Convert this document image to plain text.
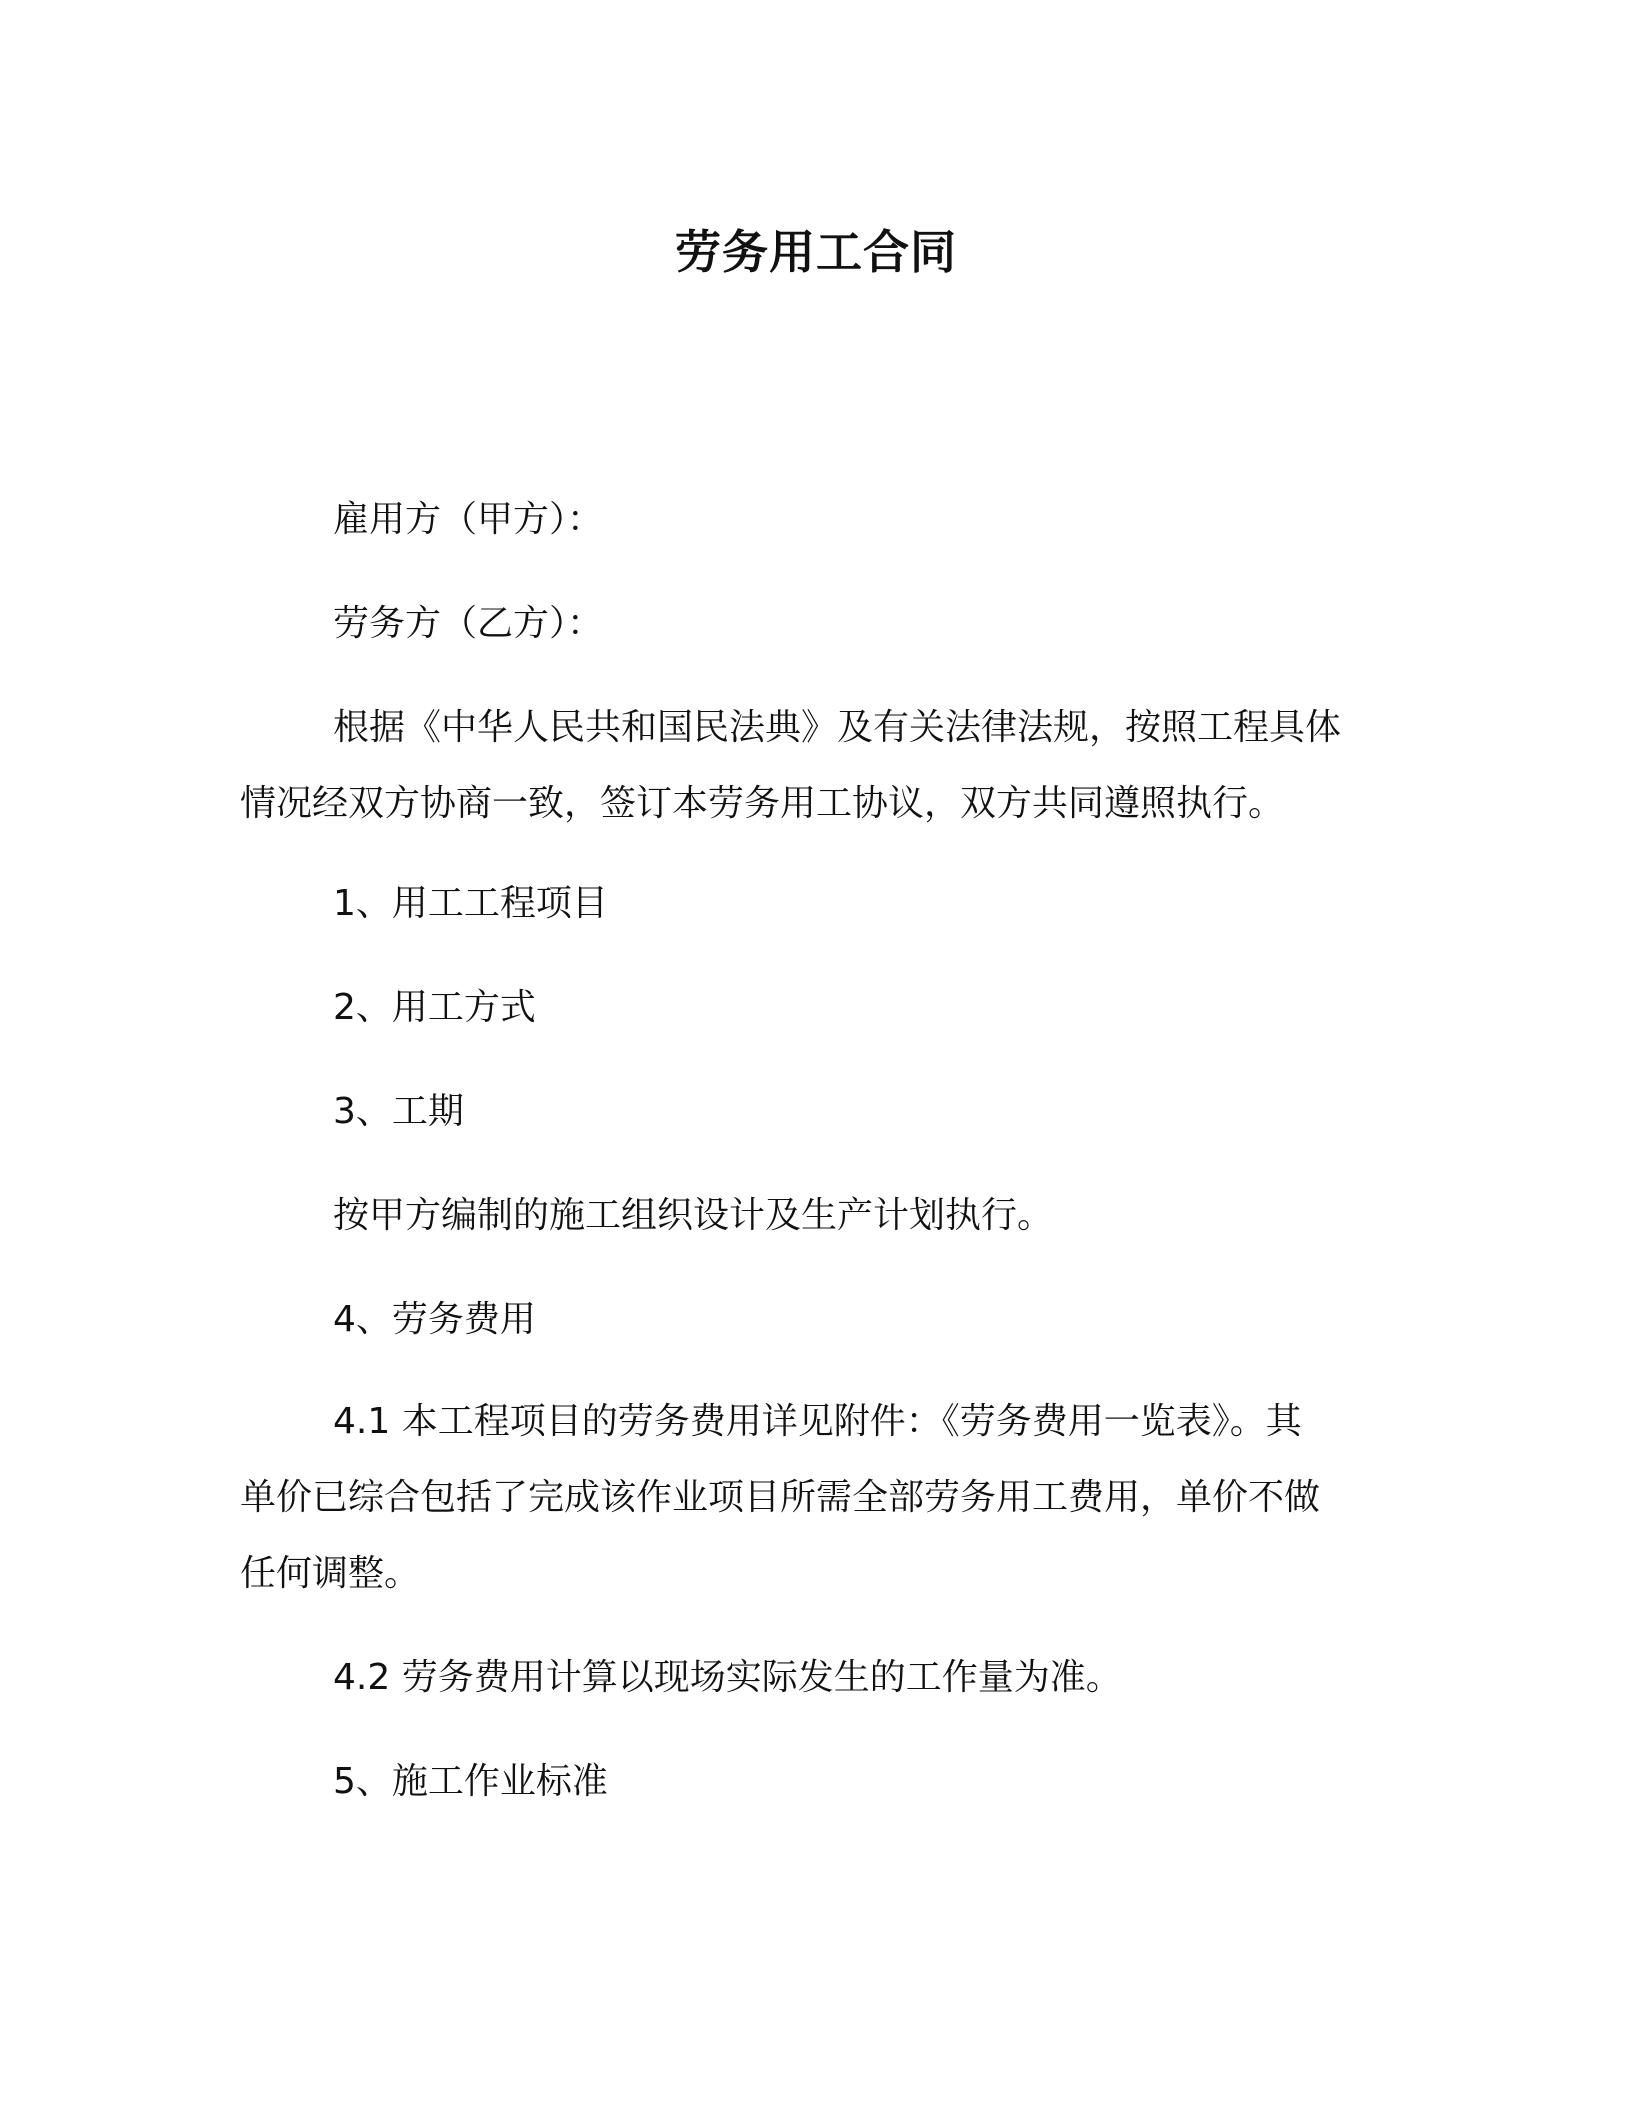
劳务用工合同
雇用方（甲方）：
劳务方（乙方）：
根据《中华人民共和国民法典》及有关法律法规，按照工程具体
情况经双方协商一致，签订本劳务用工协议，双方共同遵照执行。
1、用工工程项目
2、用工方式
3、工期
按甲方编制的施工组织设计及生产计划执行。
4、劳务费用
4.1 本工程项目的劳务费用详见附件：《劳务费用一览表》。其
单价已综合包括了完成该作业项目所需全部劳务用工费用，单价不做
任何调整。
4.2 劳务费用计算以现场实际发生的工作量为准。
5、施工作业标准
